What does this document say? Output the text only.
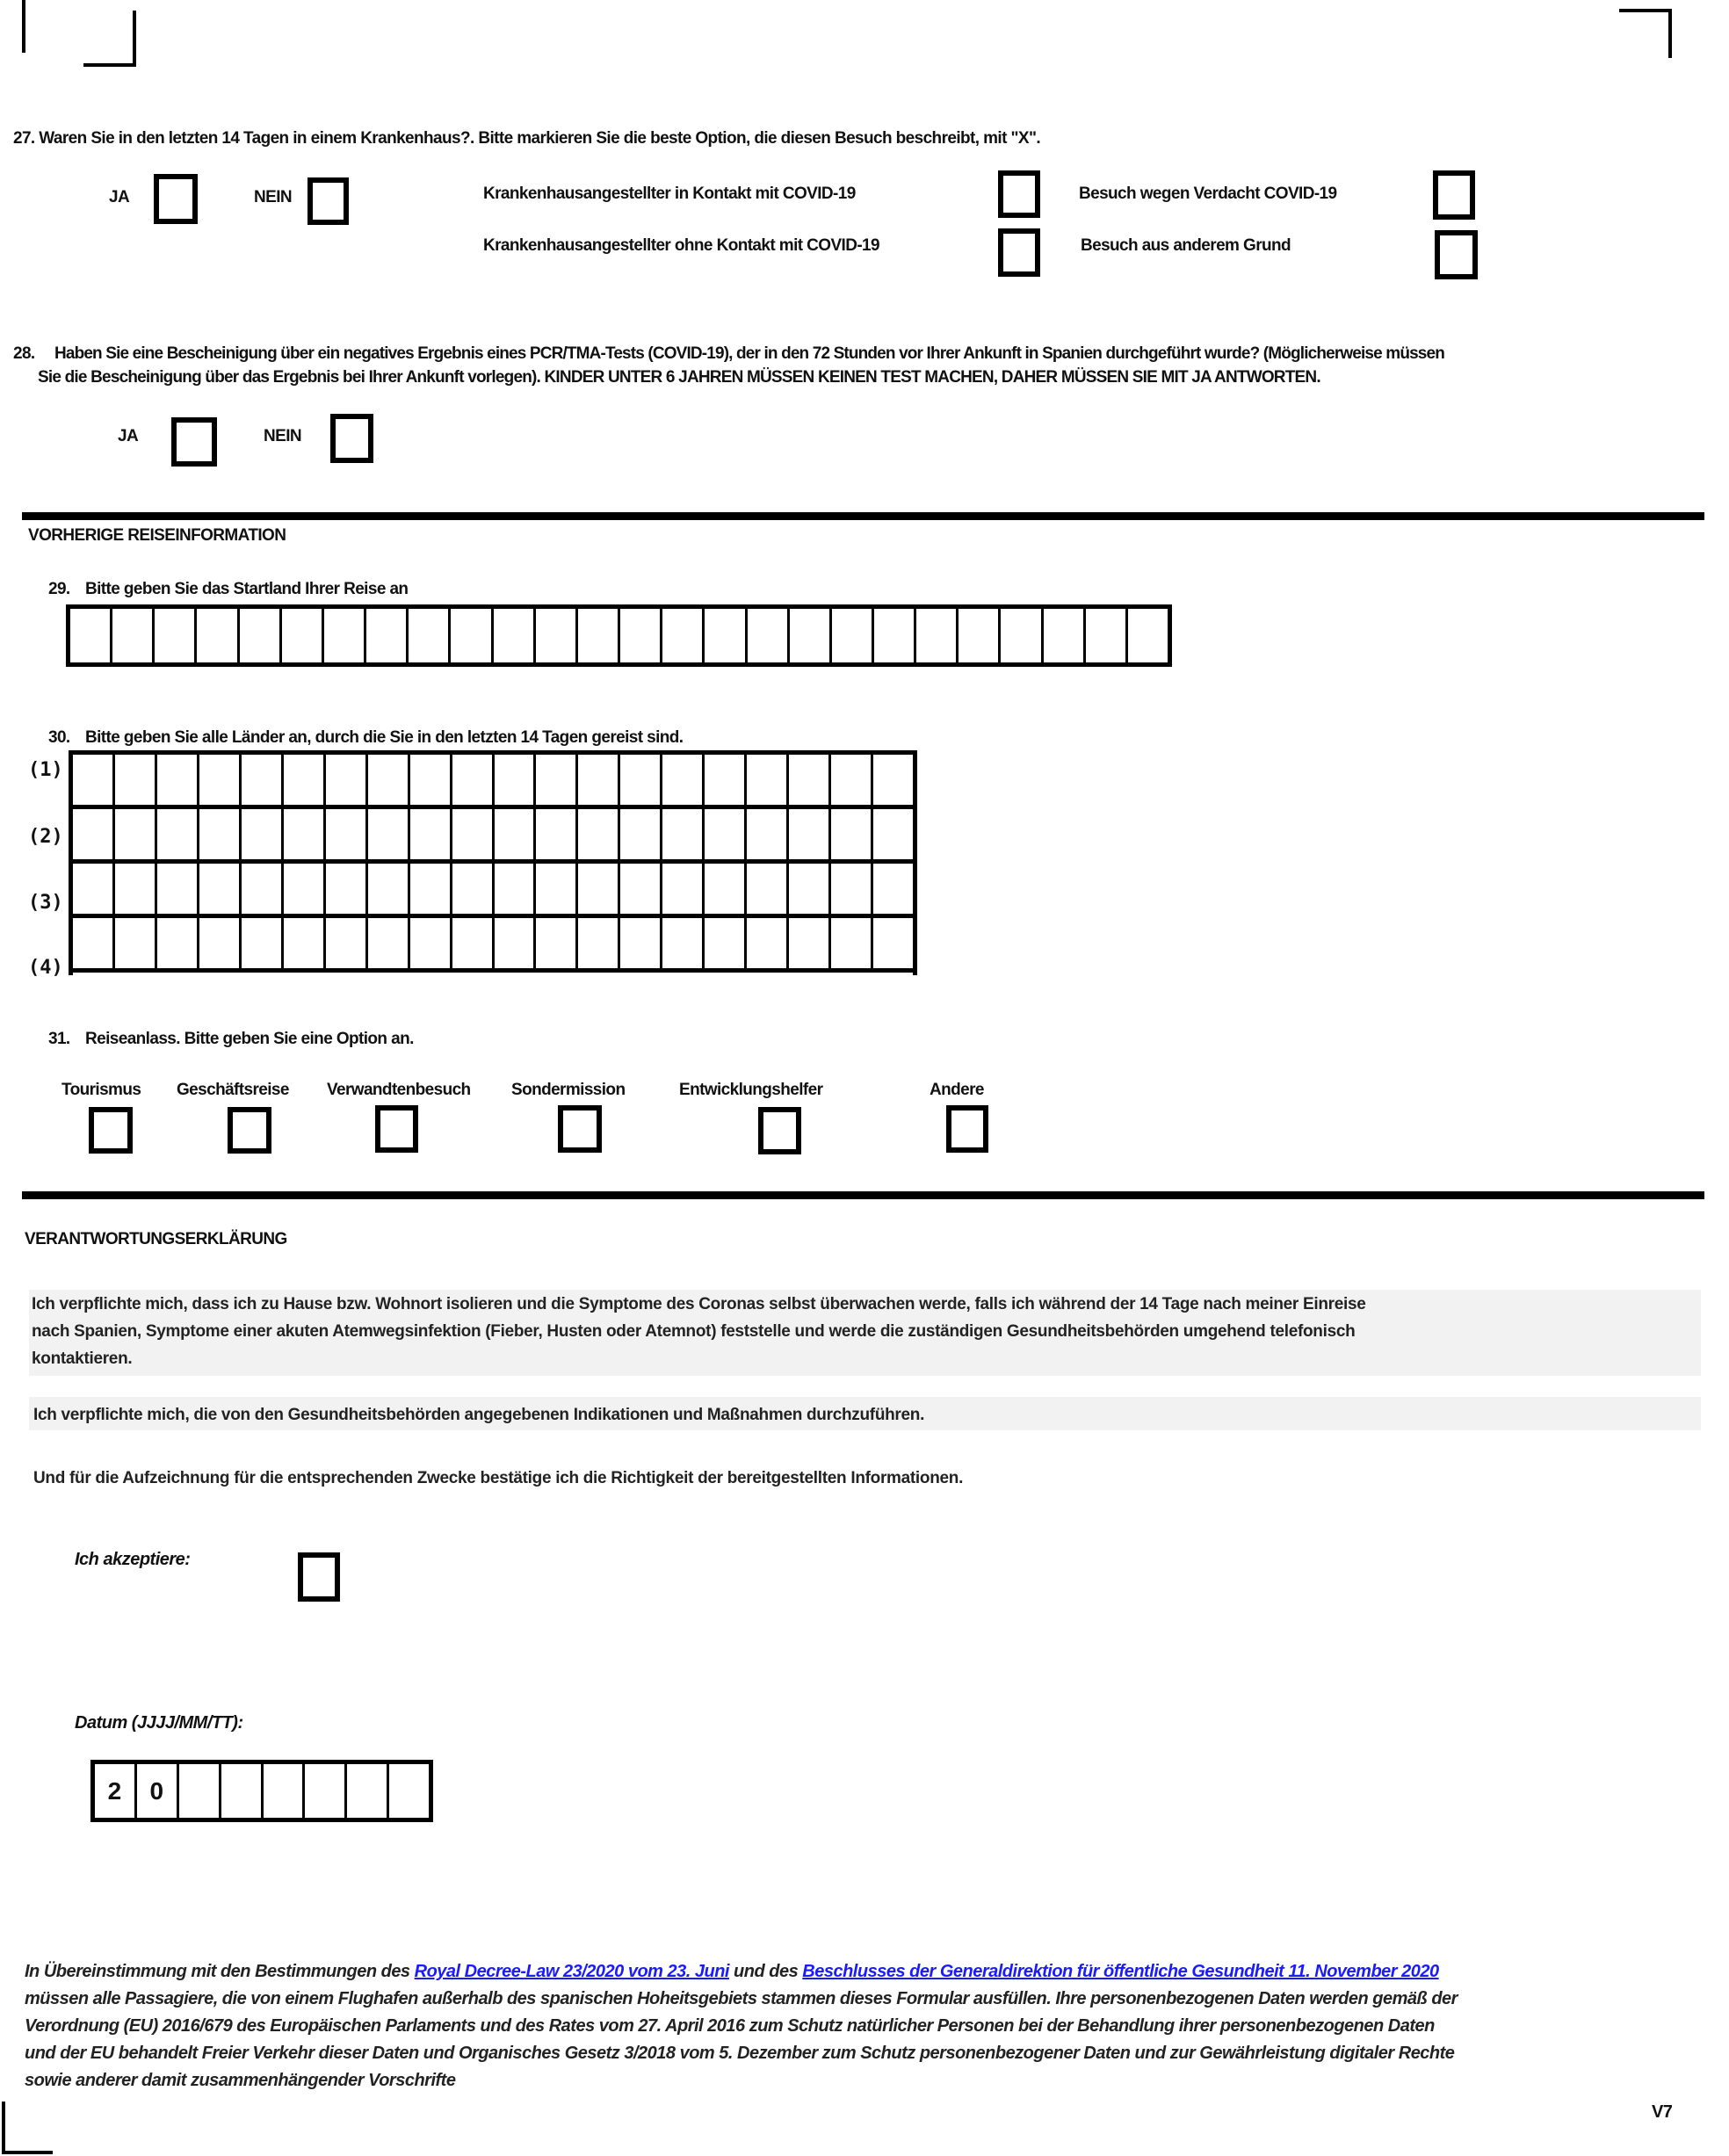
27. Waren Sie in den letzten 14 Tagen in einem Krankenhaus?. Bitte markieren Sie die beste Option, die diesen Besuch beschreibt, mit "X".
JA	NEIN	Krankenhausangestellter in Kontakt mit COVID-19	Besuch wegen Verdacht COVID-19
Krankenhausangestellter ohne Kontakt mit COVID-19	Besuch aus anderem Grund
28. Haben Sie eine Bescheinigung über ein negatives Ergebnis eines PCR/TMA-Tests (COVID-19), der in den 72 Stunden vor Ihrer Ankunft in Spanien durchgeführt wurde? (Möglicherweise müssen
Sie die Bescheinigung über das Ergebnis bei Ihrer Ankunft vorlegen). KINDER UNTER 6 JAHREN MÜSSEN KEINEN TEST MACHEN, DAHER MÜSSEN SIE MIT JA ANTWORTEN.
JA	NEIN
VORHERIGE REISEINFORMATION
29. Bitte geben Sie das Startland Ihrer Reise an
30. Bitte geben Sie alle Länder an, durch die Sie in den letzten 14 Tagen gereist sind.
(1)
(2)
(3)
(4)
31. Reiseanlass. Bitte geben Sie eine Option an.
Tourismus Geschäftsreise Verwandtenbesuch Sondermission	Entwicklungshelfer	Andere
VERANTWORTUNGSERKLÄRUNG
Ich verpflichte mich, dass ich zu Hause bzw. Wohnort isolieren und die Symptome des Coronas selbst überwachen werde, falls ich während der 14 Tage nach meiner Einreise
nach Spanien, Symptome einer akuten Atemwegsinfektion (Fieber, Husten oder Atemnot) feststelle und werde die zuständigen Gesundheitsbehörden umgehend telefonisch
kontaktieren.
Ich verpflichte mich, die von den Gesundheitsbehörden angegebenen Indikationen und Maßnahmen durchzuführen.
Und für die Aufzeichnung für die entsprechenden Zwecke bestätige ich die Richtigkeit der bereitgestellten Informationen.
Ich akzeptiere:
Datum (JJJJ/MM/TT):
2	0
In Übereinstimmung mit den Bestimmungen des Royal Decree-Law 23/2020 vom 23. Juni und des Beschlusses der Generaldirektion für öffentliche Gesundheit 11. November 2020
müssen alle Passagiere, die von einem Flughafen außerhalb des spanischen Hoheitsgebiets stammen dieses Formular ausfüllen. Ihre personenbezogenen Daten werden gemäß der
Verordnung (EU) 2016/679 des Europäischen Parlaments und des Rates vom 27. April 2016 zum Schutz natürlicher Personen bei der Behandlung ihrer personenbezogenen Daten
und der EU behandelt Freier Verkehr dieser Daten und Organisches Gesetz 3/2018 vom 5. Dezember zum Schutz personenbezogener Daten und zur Gewährleistung digitaler Rechte
sowie anderer damit zusammenhängender Vorschrifte
V7
